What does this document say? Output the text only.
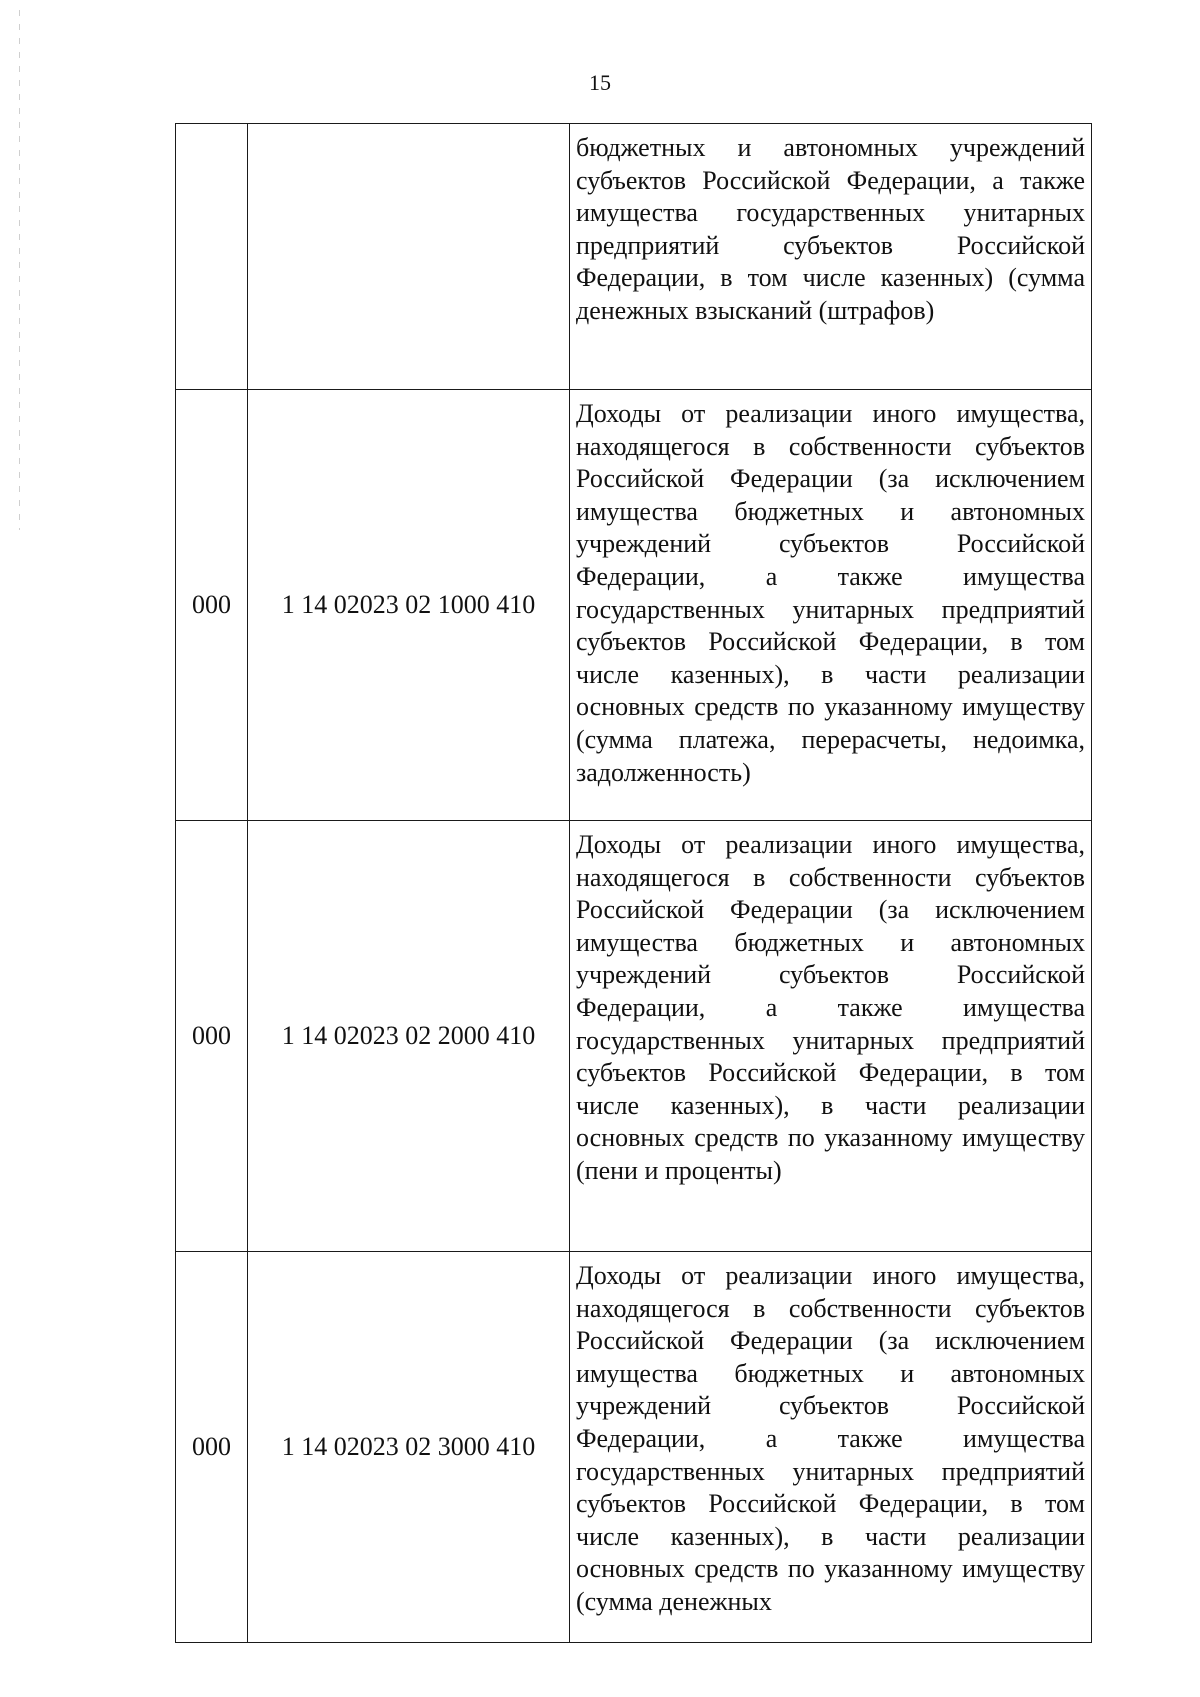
15

		бюджетных и автономных учреждений субъектов Российской Федерации, а также имущества государственных унитарных предприятий субъектов Российской Федерации, в том числе казенных) (сумма денежных взысканий (штрафов)

000	1 14 02023 02 1000 410	Доходы от реализации иного имущества, находящегося в собственности субъектов Российской Федерации (за исключением имущества бюджетных и автономных учреждений субъектов Российской Федерации, а также имущества государственных унитарных предприятий субъектов Российской Федерации, в том числе казенных), в части реализации основных средств по указанному имуществу (сумма платежа, перерасчеты, недоимка, задолженность)

000	1 14 02023 02 2000 410	Доходы от реализации иного имущества, находящегося в собственности субъектов Российской Федерации (за исключением имущества бюджетных и автономных учреждений субъектов Российской Федерации, а также имущества государственных унитарных предприятий субъектов Российской Федерации, в том числе казенных), в части реализации основных средств по указанному имуществу (пени и проценты)

000	1 14 02023 02 3000 410	Доходы от реализации иного имущества, находящегося в собственности субъектов Российской Федерации (за исключением имущества бюджетных и автономных учреждений субъектов Российской Федерации, а также имущества государственных унитарных предприятий субъектов Российской Федерации, в том числе казенных), в части реализации основных средств по указанному имуществу (сумма денежных
